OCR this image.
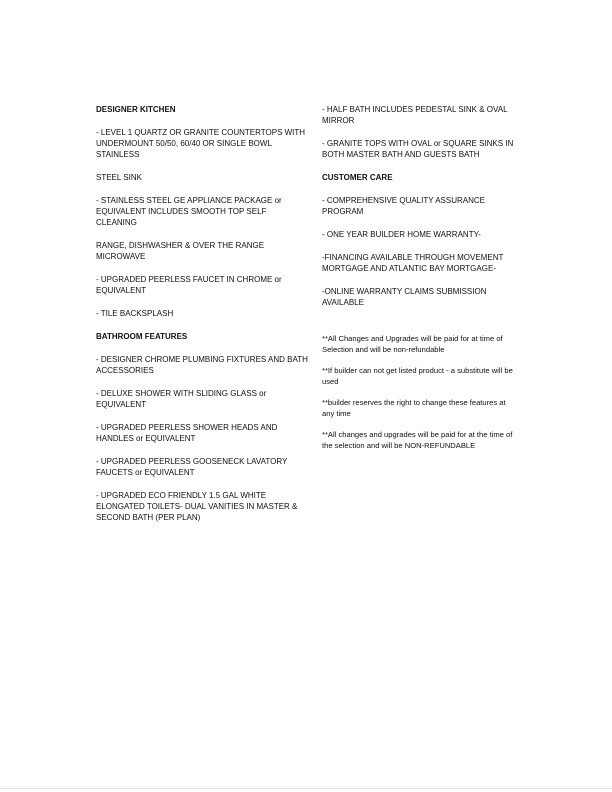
DESIGNER KITCHEN
- LEVEL 1 QUARTZ OR GRANITE COUNTERTOPS WITH UNDERMOUNT 50/50, 60/40 OR SINGLE BOWL STAINLESS
STEEL SINK
- STAINLESS STEEL GE APPLIANCE PACKAGE or EQUIVALENT INCLUDES SMOOTH TOP SELF CLEANING
RANGE, DISHWASHER & OVER THE RANGE MICROWAVE
- UPGRADED PEERLESS FAUCET IN CHROME or EQUIVALENT
- TILE BACKSPLASH
BATHROOM FEATURES
- DESIGNER CHROME PLUMBING FIXTURES AND BATH ACCESSORIES
- DELUXE SHOWER WITH SLIDING GLASS or EQUIVALENT
- UPGRADED PEERLESS SHOWER HEADS AND HANDLES or EQUIVALENT
- UPGRADED PEERLESS GOOSENECK LAVATORY FAUCETS or EQUIVALENT
- UPGRADED ECO FRIENDLY 1.5 GAL WHITE ELONGATED TOILETS- DUAL VANITIES IN MASTER & SECOND BATH (PER PLAN)
- HALF BATH INCLUDES PEDESTAL SINK & OVAL MIRROR
- GRANITE TOPS WITH OVAL or SQUARE SINKS IN BOTH MASTER BATH AND GUESTS BATH
CUSTOMER CARE
- COMPREHENSIVE QUALITY ASSURANCE PROGRAM
- ONE YEAR BUILDER HOME WARRANTY-
-FINANCING AVAILABLE THROUGH MOVEMENT MORTGAGE AND ATLANTIC BAY MORTGAGE-
-ONLINE WARRANTY CLAIMS SUBMISSION AVAILABLE
**All Changes and Upgrades will be paid for at time of Selection and will be non-refundable
**If builder can not get listed product - a substitute will be used
**builder reserves the right to change these features at any time
**All changes and upgrades will be paid for at the time of the selection and will be NON-REFUNDABLE
